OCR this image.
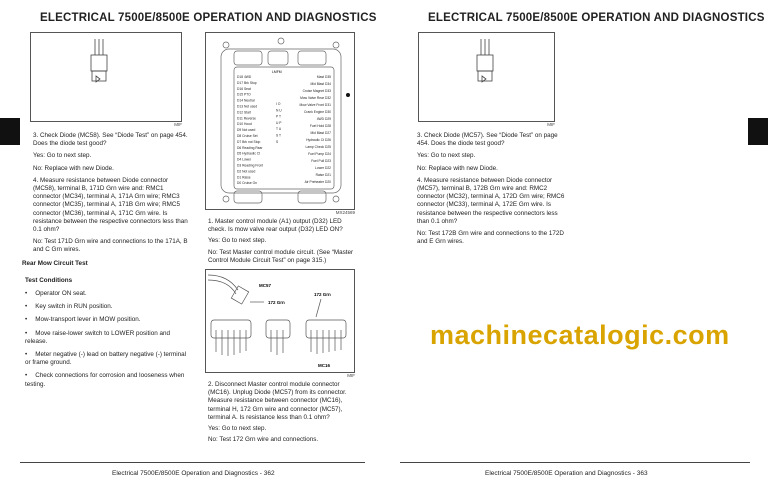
ELECTRICAL 7500E/8500E OPERATION AND DIAGNOSTICS
MIF

3. Check Diode (MC58). See “Diode Test” on page 454. Does the diode test good?

Yes: Go to next step.

No: Replace with new Diode.

4. Measure resistance between Diode connector (MC58), terminal B, 171D Grn wire and: RMC1 connector (MC34), terminal A, 171A Grn wire; RMC3 connector (MC35), terminal A, 171B Grn wire; RMC5 connector (MC36), terminal A, 171C Grn wire. Is resistance between the respective connectors less than 0.1 ohm?

No: Test 171D Grn wire and connections to the 171A, B and C Grn wires.

Rear Mow Circuit Test

Test Conditions

• Operator ON seat.

• Key switch in RUN position.

• Mow-transport lever in MOW position.

• Move raise-lower switch to LOWER position and release.

• Meter negative (-) lead on battery negative (-) terminal or frame ground.

• Check connections for corrosion and looseness when testing.

LMFM
D18 4WD
D17 Brk Stop
D16 Seat
D15 PTO
D14 Neutral
D13 Not used
D12 Start
D11 Reverse
D10 Hood
D9 Not used
D8 Cruise Set
D7 Brk not Stop
D6 Reading Rear
D5 Hydraulic Ct
D4 Lower
D3 Reading Front
D2 Not used
D1 Raise
D0 Cruise On
Mast D35
Mid Blast D34
Cruise Magnet D33
Mow Valve Rear D32
Mow Valve Front D31
Crank Engine D30
4WD D29
Fuel Hold D28
Mid Blast D27
Hydraulic Ct D26
Lamp Check D25
Fuel Pump D24
Fuel Pull D23
Lower D22
Raise D21
Air Preheater D20
I O
N U
P T
U P
T U
S T
S
MX24569

1. Master control module (A1) output (D32) LED check. Is mow valve rear output (D32) LED ON?

Yes: Go to next step.

No: Test Master control module circuit. (See “Master Control Module Circuit Test” on page 315.)

MC57
172 Grn
172 Grn
MC16
MIF

2. Disconnect Master control module connector (MC16). Unplug Diode (MC57) from its connector. Measure resistance between connector (MC16), terminal H, 172 Grn wire and connector (MC57), terminal A. Is resistance less than 0.1 ohm?

Yes: Go to next step.

No: Test 172 Grn wire and connections.

Electrical 7500E/8500E Operation and Diagnostics - 362
ELECTRICAL 7500E/8500E OPERATION AND DIAGNOSTICS
MIF

3. Check Diode (MC57). See “Diode Test” on page 454. Does the diode test good?

Yes: Go to next step.

No: Replace with new Diode.

4. Measure resistance between Diode connector (MC57), terminal B, 172B Grn wire and: RMC2 connector (MC32), terminal A, 172D Grn wire; RMC6 connector (MC33), terminal A, 172E Grn wire. Is resistance between the respective connectors less than 0.1 ohm?

No: Test 172B Grn wire and connections to the 172D and E Grn wires.

Electrical 7500E/8500E Operation and Diagnostics - 363
machinecatalogic.com
